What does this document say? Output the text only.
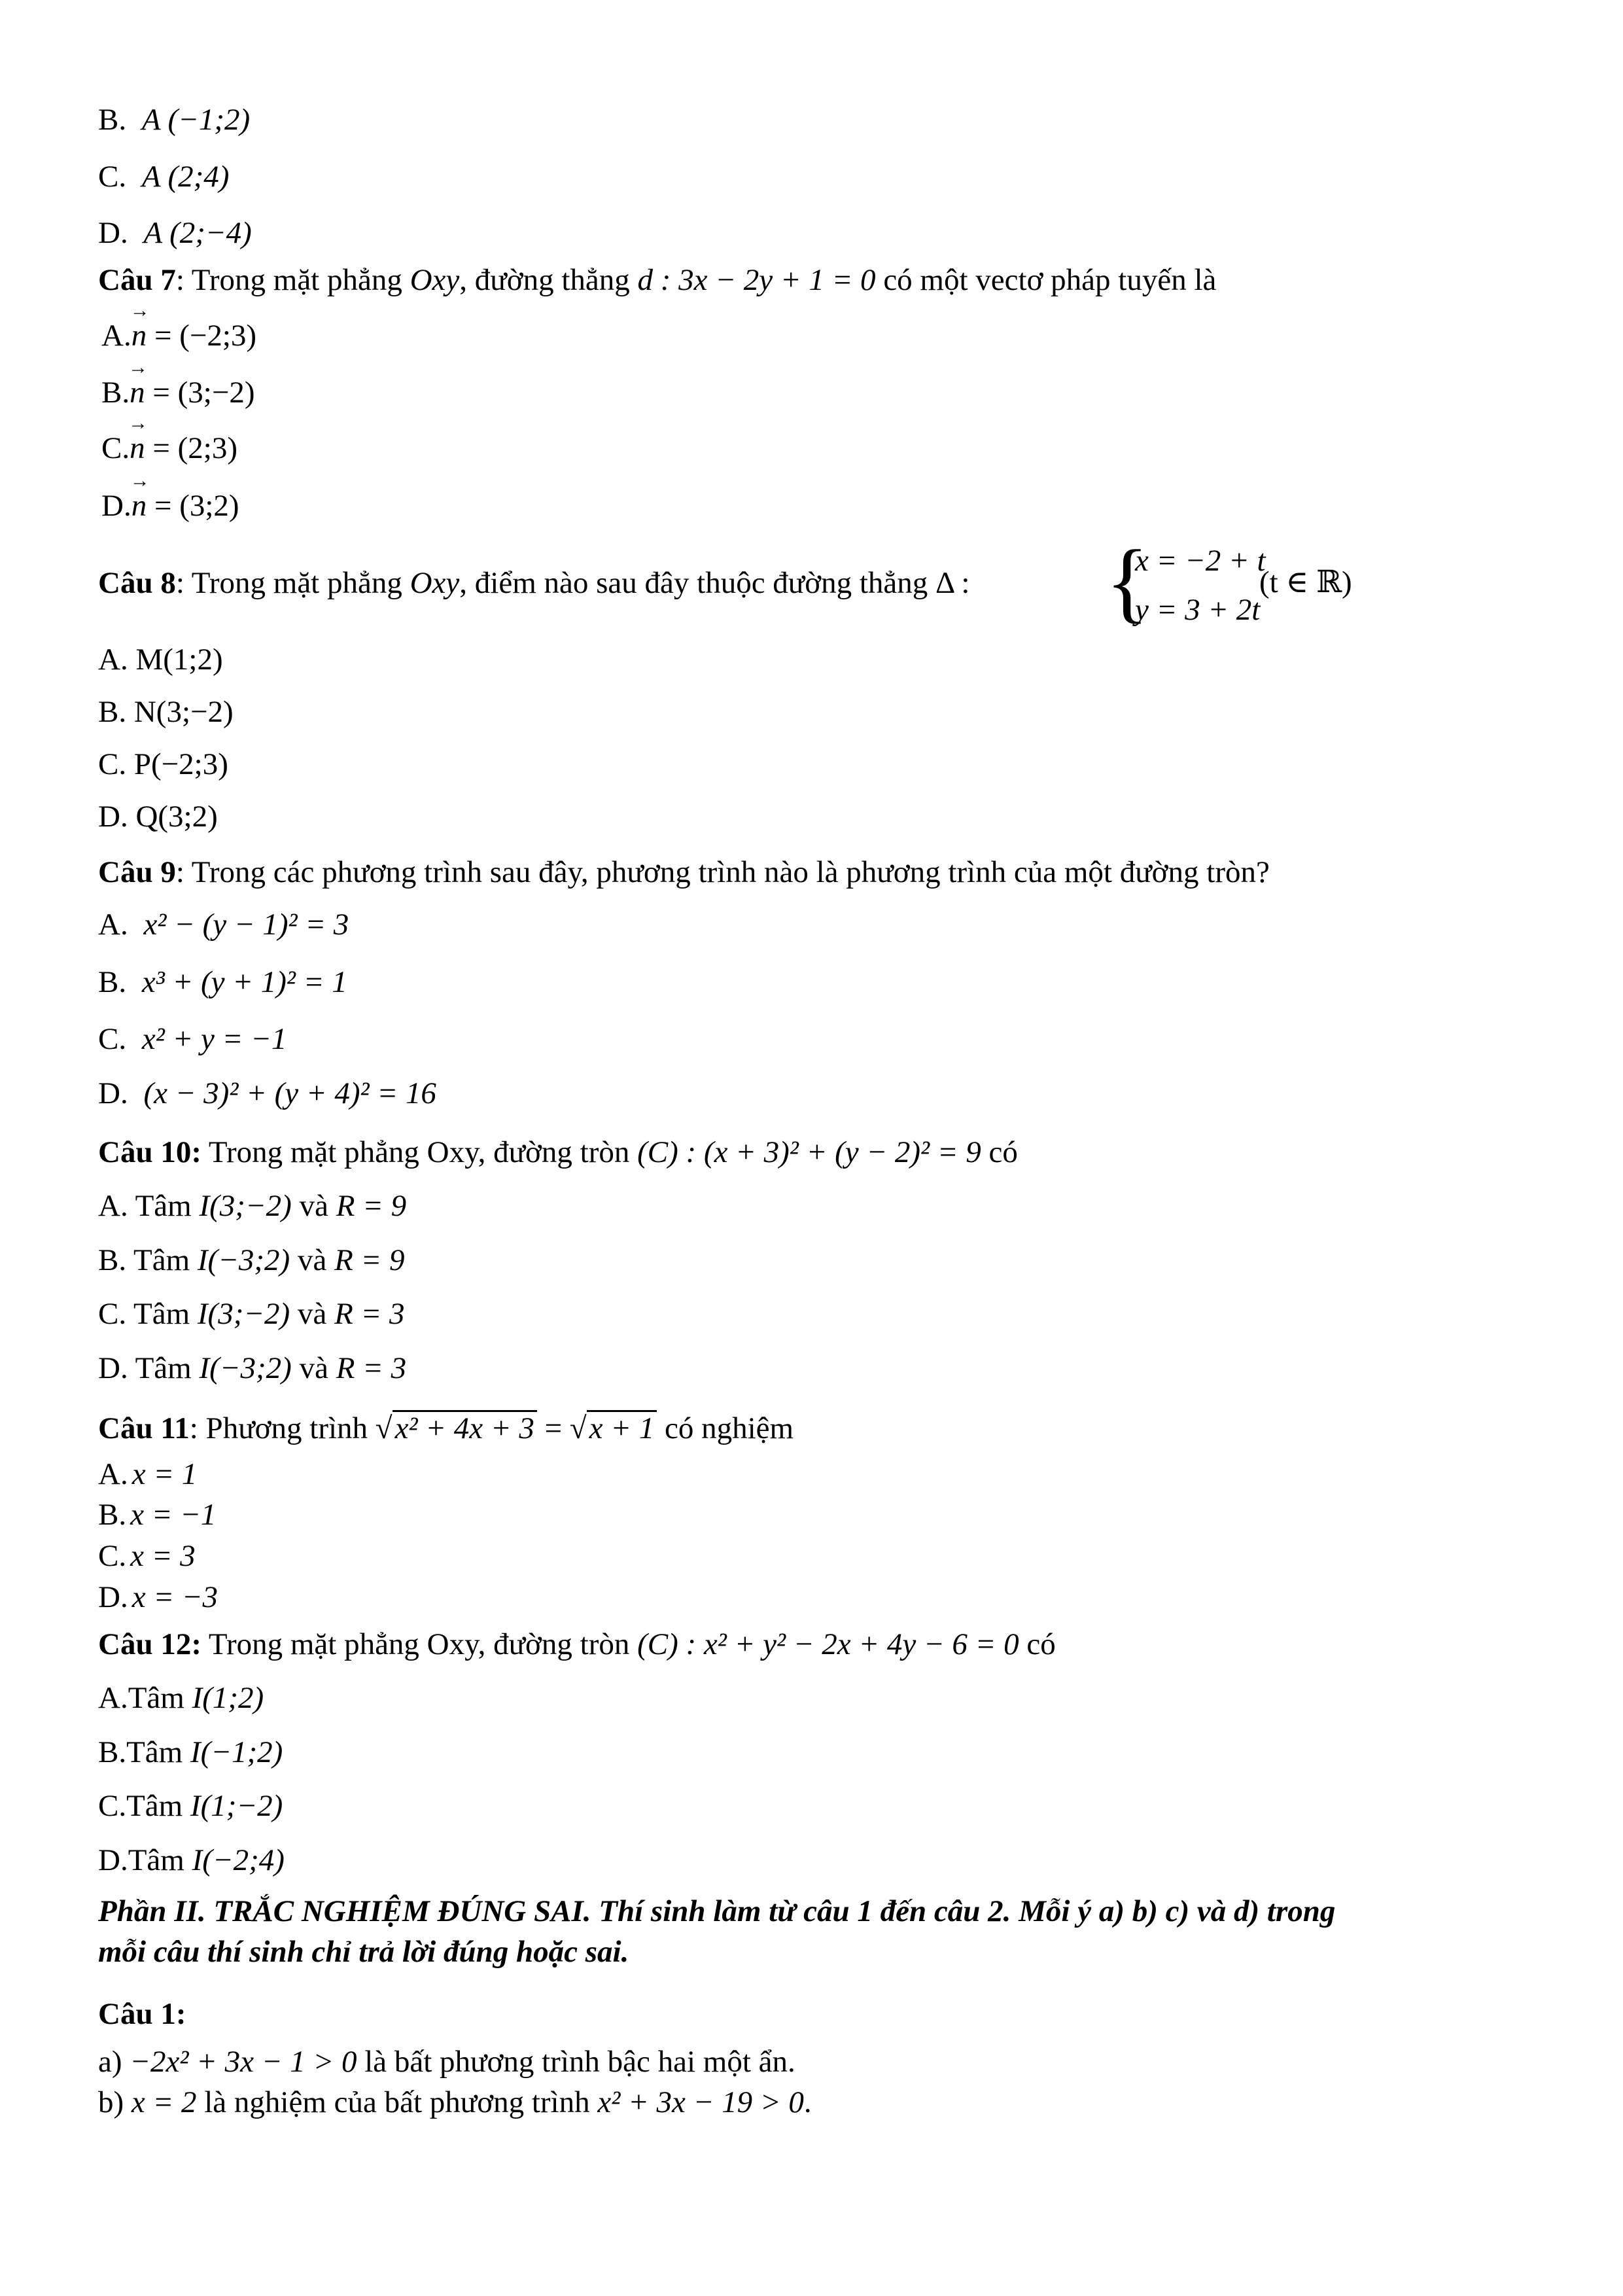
B. A (−1;2)
C. A (2;4)
D. A (2;−4)
Câu 7: Trong mặt phẳng Oxy, đường thẳng d : 3x − 2y + 1 = 0 có một vectơ pháp tuyến là
A.n → = (−2;3)
B.n → = (3;−2)
C.n → = (2;3)
D.n → = (3;2)
Câu 8: Trong mặt phẳng Oxy, điểm nào sau đây thuộc đường thẳng Δ : {
x = −2 + t
y = 3 + 2t
(t ∈ ℝ)
A. M(1;2)
B. N(3;−2)
C. P(−2;3)
D. Q(3;2)
Câu 9: Trong các phương trình sau đây, phương trình nào là phương trình của một đường tròn?
A. x² − (y − 1)² = 3
B. x³ + (y + 1)² = 1
C. x² + y = −1
D. (x − 3)² + (y + 4)² = 16
Câu 10: Trong mặt phẳng Oxy, đường tròn (C) : (x + 3)² + (y − 2)² = 9 có
A. Tâm I(3;−2) và R = 9
B. Tâm I(−3;2) và R = 9
C. Tâm I(3;−2) và R = 3
D. Tâm I(−3;2) và R = 3
Câu 11: Phương trình √x² + 4x + 3 = √x + 1 có nghiệm
A. x = 1
B. x = −1
C. x = 3
D. x = −3
Câu 12: Trong mặt phẳng Oxy, đường tròn (C) : x² + y² − 2x + 4y − 6 = 0 có
A.Tâm I(1;2)
B.Tâm I(−1;2)
C.Tâm I(1;−2)
D.Tâm I(−2;4)
Phần II. TRẮC NGHIỆM ĐÚNG SAI. Thí sinh làm từ câu 1 đến câu 2. Mỗi ý a) b) c) và d) trong
mỗi câu thí sinh chỉ trả lời đúng hoặc sai.
Câu 1:
a) −2x² + 3x − 1 > 0 là bất phương trình bậc hai một ẩn.
b) x = 2 là nghiệm của bất phương trình x² + 3x − 19 > 0.
